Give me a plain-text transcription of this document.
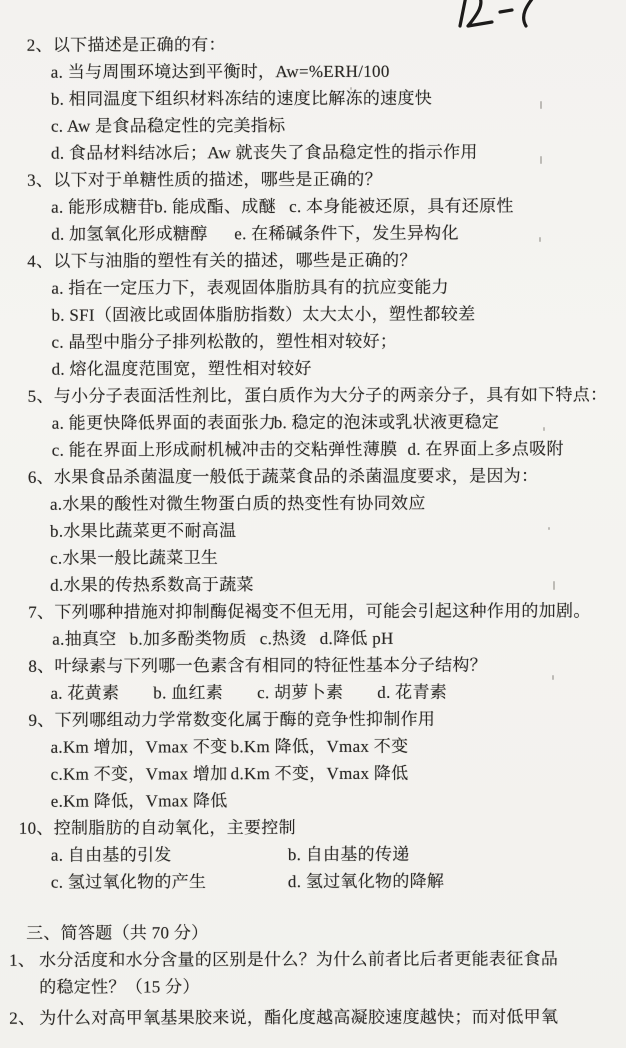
2、以下描述是正确的有：
a. 当与周围环境达到平衡时，Aw=%ERH/100
b. 相同温度下组织材料冻结的速度比解冻的速度快
c. Aw 是食品稳定性的完美指标
d. 食品材料结冰后；Aw 就丧失了食品稳定性的指示作用
3、以下对于单糖性质的描述，哪些是正确的？
a. 能形成糖苷 b. 能成酯、成醚 c. 本身能被还原，具有还原性
d. 加氢氧化形成糖醇	e. 在稀碱条件下，发生异构化
4、以下与油脂的塑性有关的描述，哪些是正确的？
a. 指在一定压力下，表观固体脂肪具有的抗应变能力
b. SFI（固液比或固体脂肪指数）太大太小，塑性都较差
c. 晶型中脂分子排列松散的，塑性相对较好；
d. 熔化温度范围宽，塑性相对较好
5、与小分子表面活性剂比，蛋白质作为大分子的两亲分子，具有如下特点：
a. 能更快降低界面的表面张力
b. 稳定的泡沫或乳状液更稳定
c. 能在界面上形成耐机械冲击的交粘弹性薄膜 d. 在界面上多点吸附
6、水果食品杀菌温度一般低于蔬菜食品的杀菌温度要求，是因为：
a.水果的酸性对微生物蛋白质的热变性有协同效应
b.水果比蔬菜更不耐高温
c.水果一般比蔬菜卫生
d.水果的传热系数高于蔬菜
7、下列哪种措施对抑制酶促褐变不但无用，可能会引起这种作用的加剧。
a.抽真空 b.加多酚类物质 c.热烫 d.降低 pH
8、叶绿素与下列哪一色素含有相同的特征性基本分子结构？
a. 花黄素 b. 血红素 c. 胡萝卜素 d. 花青素
9、下列哪组动力学常数变化属于酶的竞争性抑制作用
a.Km 增加，Vmax 不变 b.Km 降低，Vmax 不变
c.Km 不变，Vmax 增加 d.Km 不变，Vmax 降低
e.Km 降低，Vmax 降低
10、控制脂肪的自动氧化，主要控制
a. 自由基的引发	b. 自由基的传递
c. 氢过氧化物的产生	d. 氢过氧化物的降解
三、简答题（共 70 分）
1、 水分活度和水分含量的区别是什么？为什么前者比后者更能表征食品
的稳定性？（15 分）
2、 为什么对高甲氧基果胶来说，酯化度越高凝胶速度越快；而对低甲氧
